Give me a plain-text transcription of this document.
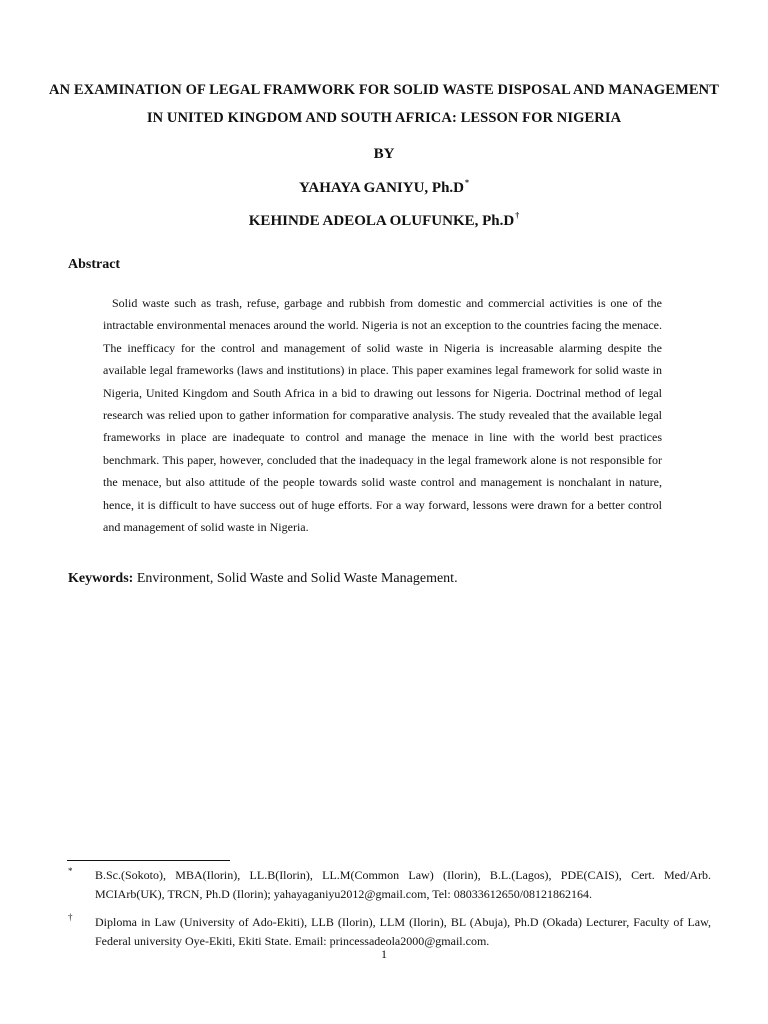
AN EXAMINATION OF LEGAL FRAMWORK FOR SOLID WASTE DISPOSAL AND MANAGEMENT IN UNITED KINGDOM AND SOUTH AFRICA: LESSON FOR NIGERIA
BY
YAHAYA GANIYU, Ph.D*
KEHINDE ADEOLA OLUFUNKE, Ph.D†
Abstract
Solid waste such as trash, refuse, garbage and rubbish from domestic and commercial activities is one of the intractable environmental menaces around the world. Nigeria is not an exception to the countries facing the menace. The inefficacy for the control and management of solid waste in Nigeria is increasable alarming despite the available legal frameworks (laws and institutions) in place. This paper examines legal framework for solid waste in Nigeria, United Kingdom and South Africa in a bid to drawing out lessons for Nigeria. Doctrinal method of legal research was relied upon to gather information for comparative analysis. The study revealed that the available legal frameworks in place are inadequate to control and manage the menace in line with the world best practices benchmark. This paper, however, concluded that the inadequacy in the legal framework alone is not responsible for the menace, but also attitude of the people towards solid waste control and management is nonchalant in nature, hence, it is difficult to have success out of huge efforts. For a way forward, lessons were drawn for a better control and management of solid waste in Nigeria.
Keywords: Environment, Solid Waste and Solid Waste Management.
* B.Sc.(Sokoto), MBA(Ilorin), LL.B(Ilorin), LL.M(Common Law) (Ilorin), B.L.(Lagos), PDE(CAIS), Cert. Med/Arb. MCIArb(UK), TRCN, Ph.D (Ilorin); yahayaganiyu2012@gmail.com, Tel: 08033612650/08121862164.
† Diploma in Law (University of Ado-Ekiti), LLB (Ilorin), LLM (Ilorin), BL (Abuja), Ph.D (Okada) Lecturer, Faculty of Law, Federal university Oye-Ekiti, Ekiti State. Email: princessadeola2000@gmail.com.
1
